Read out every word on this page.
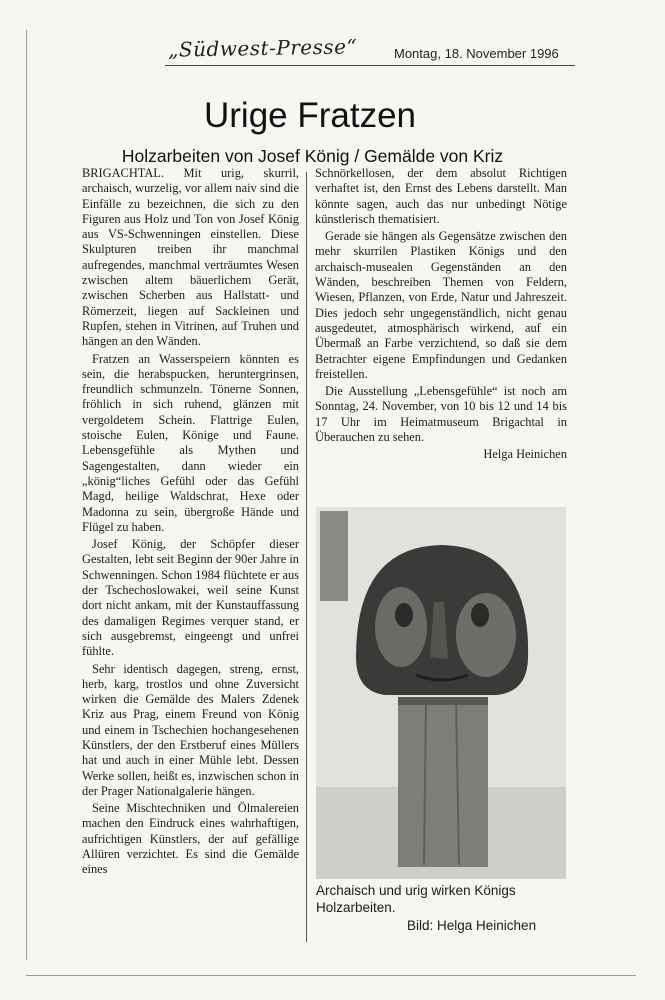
„Südwest-Presse“	Montag, 18. November 1996
Urige Fratzen
Holzarbeiten von Josef König / Gemälde von Kriz

BRIGACHTAL. Mit urig, skurril, archaisch, wurzelig, vor allem naiv sind die Einfälle zu bezeichnen, die sich zu den Figuren aus Holz und Ton von Josef König aus VS-Schwenningen einstellen. Diese Skulpturen treiben ihr manchmal aufregendes, manchmal verträumtes Wesen zwischen altem bäuerlichem Gerät, zwischen Scherben aus Hallstatt- und Römerzeit, liegen auf Sackleinen und Rupfen, stehen in Vitrinen, auf Truhen und hängen an den Wänden.

Fratzen an Wasserspeiern könnten es sein, die herabspucken, heruntergrinsen, freundlich schmunzeln. Tönerne Sonnen, fröhlich in sich ruhend, glänzen mit vergoldetem Schein. Flattrige Eulen, stoische Eulen, Könige und Faune. Lebensgefühle als Mythen und Sagengestalten, dann wieder ein „könig“liches Gefühl oder das Gefühl Magd, heilige Waldschrat, Hexe oder Madonna zu sein, übergroße Hände und Flügel zu haben.

Josef König, der Schöpfer dieser Gestalten, lebt seit Beginn der 90er Jahre in Schwenningen. Schon 1984 flüchtete er aus der Tschechoslowakei, weil seine Kunst dort nicht ankam, mit der Kunstauffassung des damaligen Regimes verquer stand, er sich ausgebremst, eingeengt und unfrei fühlte.

Sehr identisch dagegen, streng, ernst, herb, karg, trostlos und ohne Zuversicht wirken die Gemälde des Malers Zdenek Kriz aus Prag, einem Freund von König und einem in Tschechien hochangesehenen Künstlers, der den Erstberuf eines Müllers hat und auch in einer Mühle lebt. Dessen Werke sollen, heißt es, inzwischen schon in der Prager Nationalgalerie hängen.

Seine Mischtechniken und Ölmalereien machen den Eindruck eines wahrhaftigen, aufrichtigen Künstlers, der auf gefällige Allüren verzichtet. Es sind die Gemälde eines

Schnörkellosen, der dem absolut Richtigen verhaftet ist, den Ernst des Lebens darstellt. Man könnte sagen, auch das nur unbedingt Nötige künstlerisch thematisiert.

Gerade sie hängen als Gegensätze zwischen den mehr skurrilen Plastiken Königs und den archaisch-musealen Gegenständen an den Wänden, beschreiben Themen von Feldern, Wiesen, Pflanzen, von Erde, Natur und Jahreszeit. Dies jedoch sehr ungegenständlich, nicht genau ausgedeutet, atmosphärisch wirkend, auf ein Übermaß an Farbe verzichtend, so daß sie dem Betrachter eigene Empfindungen und Gedanken freistellen.

Die Ausstellung „Lebensgefühle“ ist noch am Sonntag, 24. November, von 10 bis 12 und 14 bis 17 Uhr im Heimatmuseum Brigachtal in Überauchen zu sehen.

Helga Heinichen
Archaisch und urig wirken Königs Holzarbeiten.
Bild: Helga Heinichen
